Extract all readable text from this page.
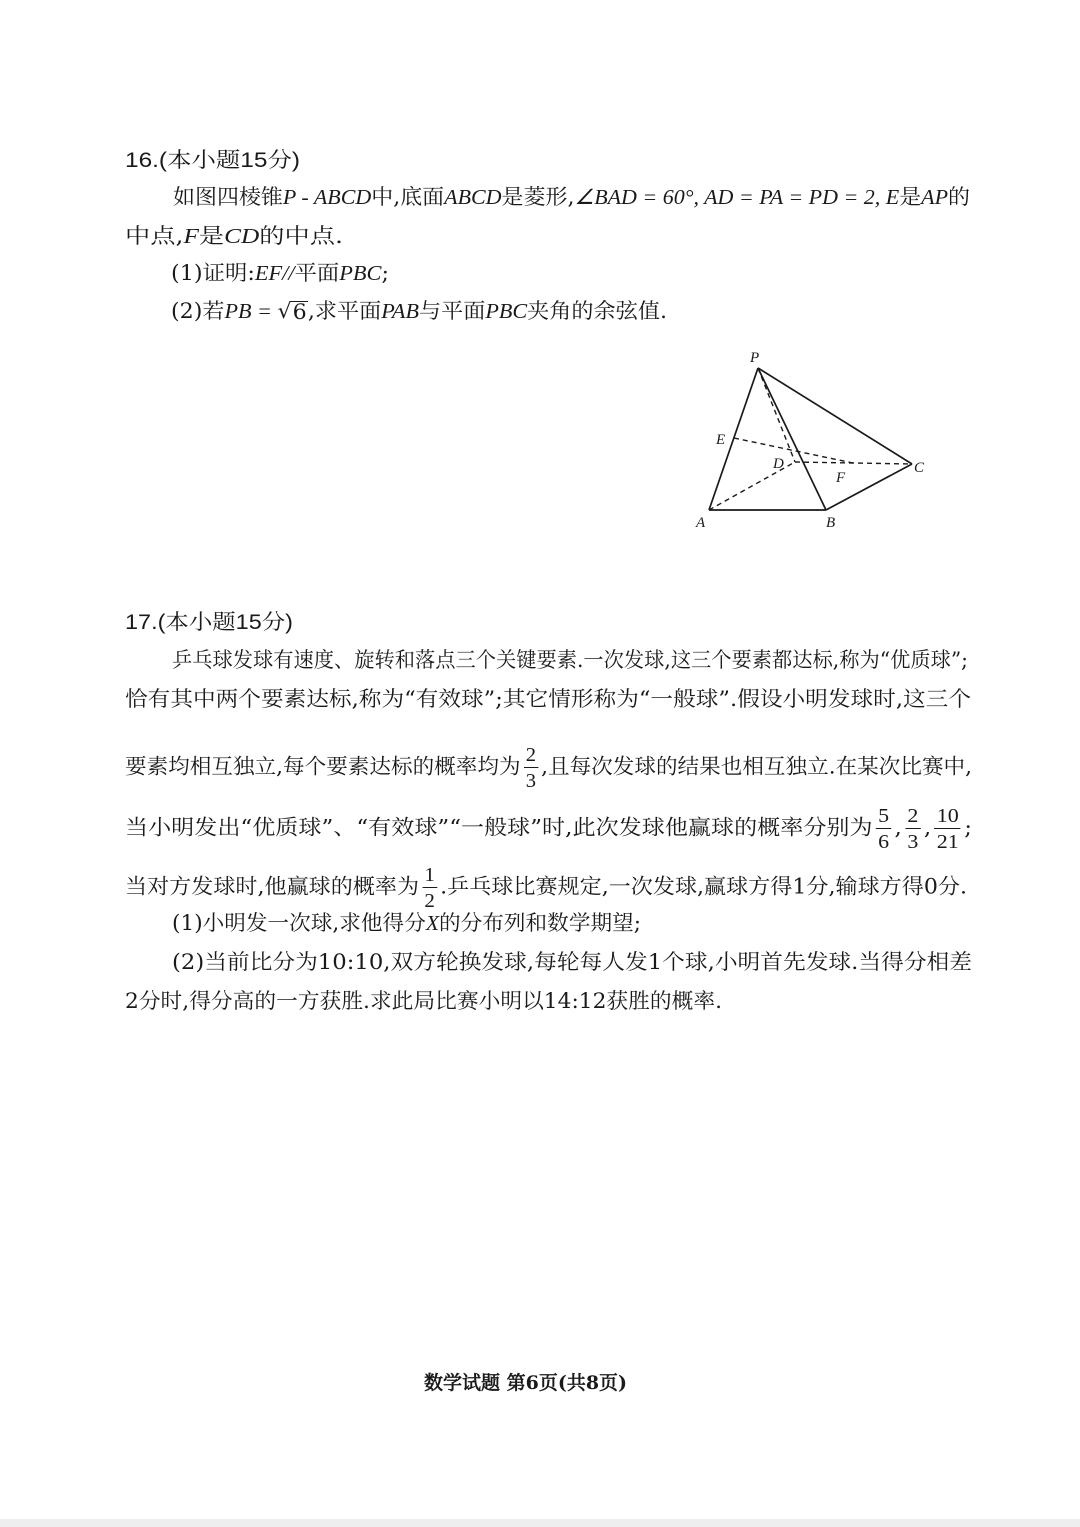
16.(本小题15分)
如图四棱锥P - ABCD中,底面ABCD是菱形,∠BAD = 60°, AD = PA = PD = 2, E是AP的
中点,F是CD的中点.
(1)证明:EF//平面PBC;
(2)若PB = √ 6 ,求平面PAB与平面PBC夹角的余弦值.
P
E
D
F
C
A	B
17.(本小题15分)
乒乓球发球有速度、旋转和落点三个关键要素.一次发球,这三个要素都达标,称为“优质球”;
恰有其中两个要素达标,称为“有效球”;其它情形称为“一般球”.假设小明发球时,这三个
要素均相互独立,每个要素达标的概率均为 $\frac{2}{3}$ ,且每次发球的结果也相互独立.在某次比赛中,
当小明发出“优质球”、“有效球”“一般球”时,此次发球他赢球的概率分别为 $\frac{5}{6}$ , $\frac{2}{3}$ , $\frac{10}{21}$ ;
当对方发球时,他赢球的概率为 $\frac{1}{2}$ .乒乓球比赛规定,一次发球,赢球方得1分,输球方得0分.
(1)小明发一次球,求他得分X的分布列和数学期望;
(2)当前比分为10:10,双方轮换发球,每轮每人发1个球,小明首先发球.当得分相差
2分时,得分高的一方获胜.求此局比赛小明以14:12获胜的概率.
数学试题 第6页(共8页)
